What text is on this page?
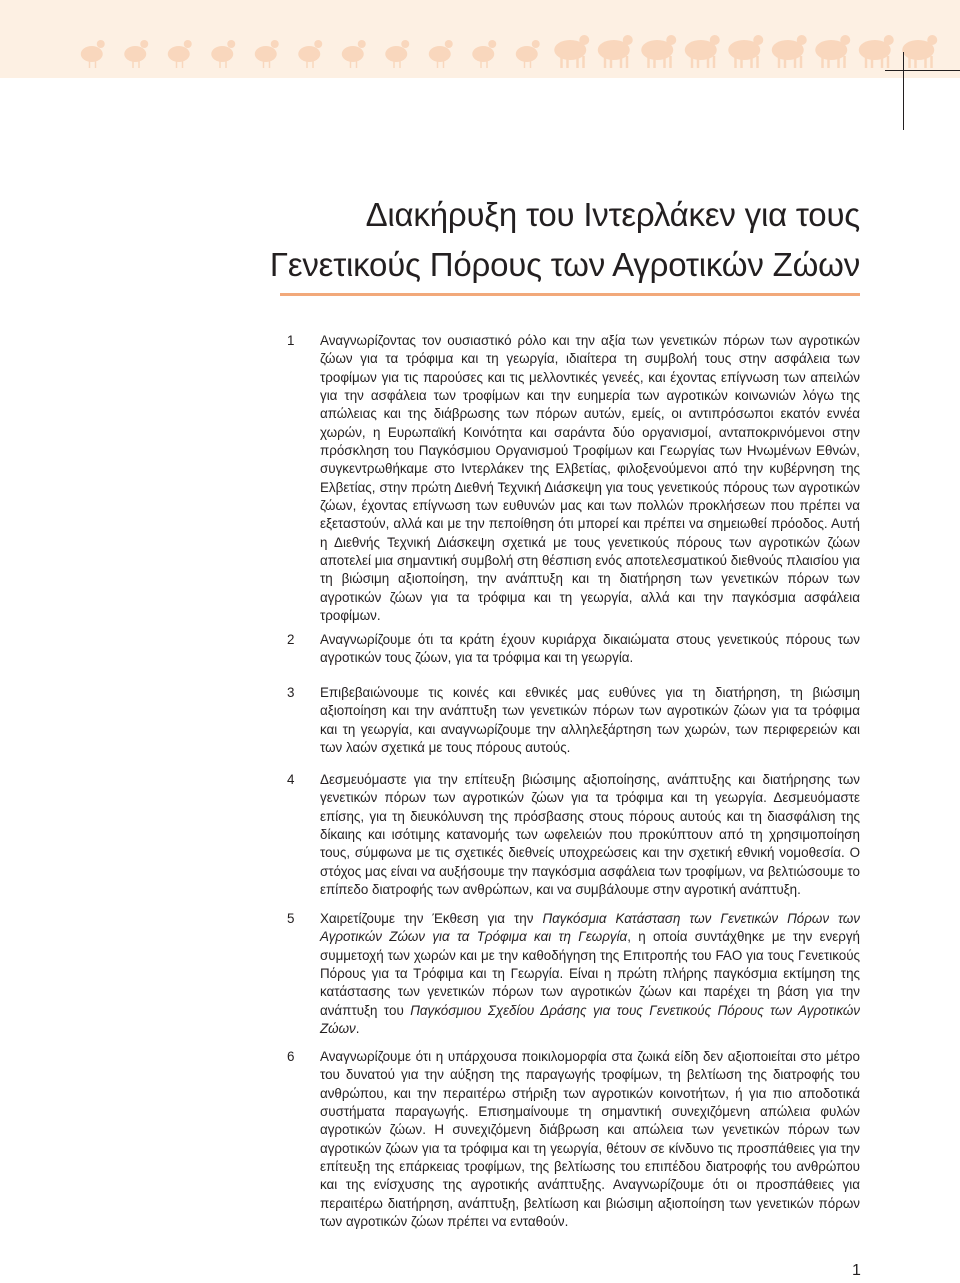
Διακήρυξη του Ιντερλάκεν για τους
Γενετικούς Πόρους των Αγροτικών Ζώων
1 Αναγνωρίζοντας τον ουσιαστικό ρόλο και την αξία των γενετικών πόρων των αγροτικών ζώων για τα τρόφιμα και τη γεωργία, ιδιαίτερα τη συμβολή τους στην ασφάλεια των τροφίμων για τις παρούσες και τις μελλοντικές γενεές, και έχοντας επίγνωση των απειλών για την ασφάλεια των τροφίμων και την ευημερία των αγροτικών κοινωνιών λόγω της απώλειας και της διάβρωσης των πόρων αυτών, εμείς, οι αντιπρόσωποι εκατόν εννέα χωρών, η Ευρωπαϊκή Κοινότητα και σαράντα δύο οργανισμοί, ανταποκρινόμενοι στην πρόσκληση του Παγκόσμιου Οργανισμού Τροφίμων και Γεωργίας των Ηνωμένων Εθνών, συγκεντρωθήκαμε στο Ιντερλάκεν της Ελβετίας, φιλοξενούμενοι από την κυβέρνηση της Ελβετίας, στην πρώτη Διεθνή Τεχνική Διάσκεψη για τους γενετικούς πόρους των αγροτικών ζώων, έχοντας επίγνωση των ευθυνών μας και των πολλών προκλήσεων που πρέπει να εξεταστούν, αλλά και με την πεποίθηση ότι μπορεί και πρέπει να σημειωθεί πρόοδος. Αυτή η Διεθνής Τεχνική Διάσκεψη σχετικά με τους γενετικούς πόρους των αγροτικών ζώων αποτελεί μια σημαντική συμβολή στη θέσπιση ενός αποτελεσματικού διεθνούς πλαισίου για τη βιώσιμη αξιοποίηση, την ανάπτυξη και τη διατήρηση των γενετικών πόρων των αγροτικών ζώων για τα τρόφιμα και τη γεωργία, αλλά και την παγκόσμια ασφάλεια τροφίμων.
2 Αναγνωρίζουμε ότι τα κράτη έχουν κυριάρχα δικαιώματα στους γενετικούς πόρους των αγροτικών τους ζώων, για τα τρόφιμα και τη γεωργία.
3 Επιβεβαιώνουμε τις κοινές και εθνικές μας ευθύνες για τη διατήρηση, τη βιώσιμη αξιοποίηση και την ανάπτυξη των γενετικών πόρων των αγροτικών ζώων για τα τρόφιμα και τη γεωργία, και αναγνωρίζουμε την αλληλεξάρτηση των χωρών, των περιφερειών και των λαών σχετικά με τους πόρους αυτούς.
4 Δεσμευόμαστε για την επίτευξη βιώσιμης αξιοποίησης, ανάπτυξης και διατήρησης των γενετικών πόρων των αγροτικών ζώων για τα τρόφιμα και τη γεωργία. Δεσμευόμαστε επίσης, για τη διευκόλυνση της πρόσβασης στους πόρους αυτούς και τη διασφάλιση της δίκαιης και ισότιμης κατανομής των ωφελειών που προκύπτουν από τη χρησιμοποίηση τους, σύμφωνα με τις σχετικές διεθνείς υποχρεώσεις και την σχετική εθνική νομοθεσία. Ο στόχος μας είναι να αυξήσουμε την παγκόσμια ασφάλεια των τροφίμων, να βελτιώσουμε το επίπεδο διατροφής των ανθρώπων, και να συμβάλουμε στην αγροτική ανάπτυξη.
5 Χαιρετίζουμε την Έκθεση για την Παγκόσμια Κατάσταση των Γενετικών Πόρων των Αγροτικών Ζώων για τα Τρόφιμα και τη Γεωργία, η οποία συντάχθηκε με την ενεργή συμμετοχή των χωρών και με την καθοδήγηση της Επιτροπής του FAO για τους Γενετικούς Πόρους για τα Τρόφιμα και τη Γεωργία. Είναι η πρώτη πλήρης παγκόσμια εκτίμηση της κατάστασης των γενετικών πόρων των αγροτικών ζώων και παρέχει τη βάση για την ανάπτυξη του Παγκόσμιου Σχεδίου Δράσης για τους Γενετικούς Πόρους των Αγροτικών Ζώων.
6 Αναγνωρίζουμε ότι η υπάρχουσα ποικιλομορφία στα ζωικά είδη δεν αξιοποιείται στο μέτρο του δυνατού για την αύξηση της παραγωγής τροφίμων, τη βελτίωση της διατροφής του ανθρώπου, και την περαιτέρω στήριξη των αγροτικών κοινοτήτων, ή για πιο αποδοτικά συστήματα παραγωγής. Επισημαίνουμε τη σημαντική συνεχιζόμενη απώλεια φυλών αγροτικών ζώων. Η συνεχιζόμενη διάβρωση και απώλεια των γενετικών πόρων των αγροτικών ζώων για τα τρόφιμα και τη γεωργία, θέτουν σε κίνδυνο τις προσπάθειες για την επίτευξη της επάρκειας τροφίμων, της βελτίωσης του επιπέδου διατροφής του ανθρώπου και της ενίσχυσης της αγροτικής ανάπτυξης. Αναγνωρίζουμε ότι οι προσπάθειες για περαιτέρω διατήρηση, ανάπτυξη, βελτίωση και βιώσιμη αξιοποίηση των γενετικών πόρων των αγροτικών ζώων πρέπει να ενταθούν.
1
